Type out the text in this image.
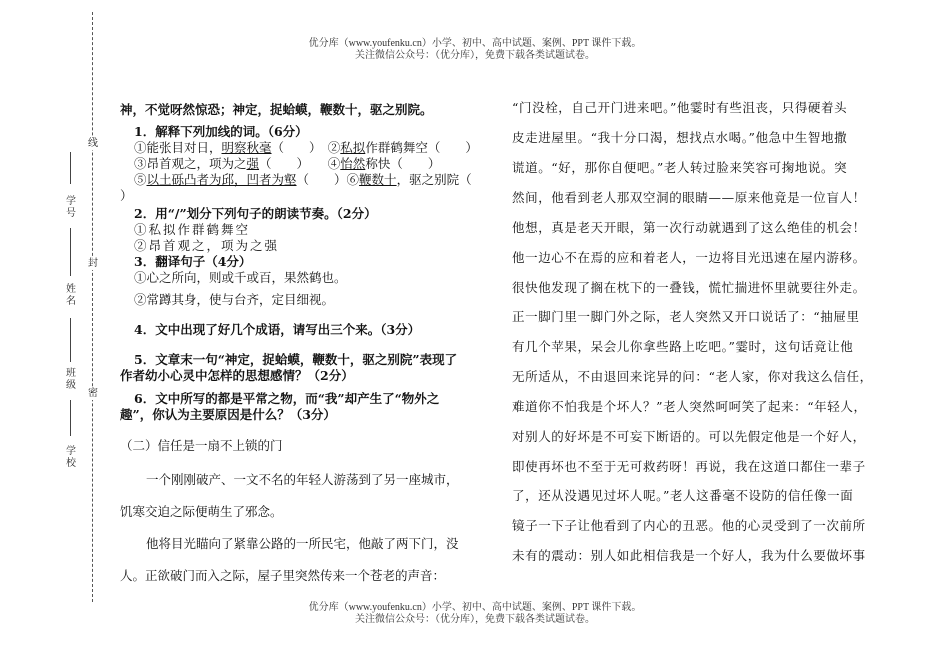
优分库（www.youfenku.cn）小学、初中、高中试题、案例、PPT 课件下载。
关注微信公众号：（优分库），免费下载各类试题试卷。
线
封
密
学号
姓名
班级
学校
神，不觉呀然惊恐；神定，捉蛤蟆，鞭数十，驱之别院。
1．解释下列加线的词。（6分）
①能张目对日，明察秋毫（　　）　②私拟作群鹤舞空（　　）
③昂首观之，项为之强（　　）　　④怡然称快（　　）
⑤以土砾凸者为邱，凹者为壑（　　）⑥鞭数十，驱之别院（
）
2．用“/”划分下列句子的朗读节奏。（2分）
①私拟作群鹤舞空
②昂首观之，项为之强
3．翻译句子（4分）
①心之所向，则或千或百，果然鹤也。
②常蹲其身，使与台齐，定目细视。
4．文中出现了好几个成语，请写出三个来。（3分）
5．文章末一句“神定，捉蛤蟆，鞭数十，驱之别院”表现了
作者幼小心灵中怎样的思想感情？（2分）
6．文中所写的都是平常之物，而“我”却产生了“物外之
趣”，你认为主要原因是什么？（3分）
（二）信任是一扇不上锁的门
一个刚刚破产、一文不名的年轻人游荡到了另一座城市，
饥寒交迫之际便萌生了邪念。
他将目光瞄向了紧靠公路的一所民宅，他敲了两下门，没
人。正欲破门而入之际，屋子里突然传来一个苍老的声音：
“门没栓，自己开门进来吧。”他霎时有些沮丧，只得硬着头
皮走进屋里。“我十分口渴，想找点水喝。”他急中生智地撒
谎道。“好，那你自便吧。”老人转过脸来笑容可掬地说。突
然间，他看到老人那双空洞的眼睛——原来他竟是一位盲人！
他想，真是老天开眼，第一次行动就遇到了这么绝佳的机会！
他一边心不在焉的应和着老人，一边将目光迅速在屋内游移。
很快他发现了搁在枕下的一叠钱，慌忙揣进怀里就要往外走。
正一脚门里一脚门外之际，老人突然又开口说话了：“抽屉里
有几个苹果，呆会儿你拿些路上吃吧。”霎时，这句话竟让他
无所适从，不由退回来诧异的问：“老人家，你对我这么信任，
难道你不怕我是个坏人？”老人突然呵呵笑了起来：“年轻人，
对别人的好坏是不可妄下断语的。可以先假定他是一个好人，
即使再坏也不至于无可救药呀！再说，我在这道口都住一辈子
了，还从没遇见过坏人呢。”老人这番毫不设防的信任像一面
镜子一下子让他看到了内心的丑恶。他的心灵受到了一次前所
未有的震动：别人如此相信我是一个好人，我为什么要做坏事
优分库（www.youfenku.cn）小学、初中、高中试题、案例、PPT 课件下载。
关注微信公众号：（优分库），免费下载各类试题试卷。
